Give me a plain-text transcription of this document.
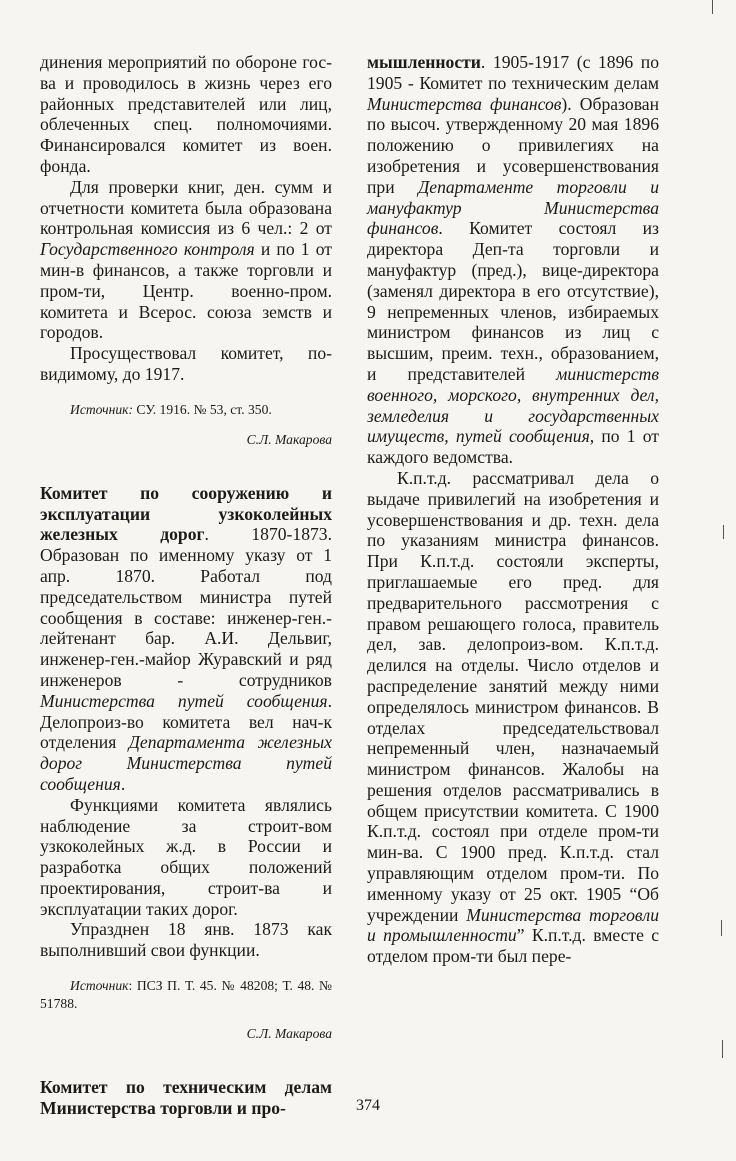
динения мероприятий по обороне гос-ва и проводилось в жизнь через его районных представителей или лиц, облеченных спец. полномочиями. Финансировался комитет из воен. фонда.

Для проверки книг, ден. сумм и отчетности комитета была образована контрольная комиссия из 6 чел.: 2 от Государственного контроля и по 1 от мин-в финансов, а также торговли и пром-ти, Центр. военно-пром. комитета и Всерос. союза земств и городов.

Просуществовал комитет, по-видимому, до 1917.

Источник: СУ. 1916. № 53, ст. 350.

С.Л. Макарова

Комитет по сооружению и эксплуатации узкоколейных железных дорог. 1870-1873. Образован по именному указу от 1 апр. 1870. Работал под председательством министра путей сообщения в составе: инженер-ген.-лейтенант бар. А.И. Дельвиг, инженер-ген.-майор Журавский и ряд инженеров - сотрудников Министерства путей сообщения. Делопроиз-во комитета вел нач-к отделения Департамента железных дорог Министерства путей сообщения.

Функциями комитета являлись наблюдение за строит-вом узкоколейных ж.д. в России и разработка общих положений проектирования, строит-ва и эксплуатации таких дорог.

Упразднен 18 янв. 1873 как выполнивший свои функции.

Источник: ПСЗ П. Т. 45. № 48208; Т. 48. № 51788.

С.Л. Макарова

Комитет по техническим делам Министерства торговли и про-

мышленности. 1905-1917 (с 1896 по 1905 - Комитет по техническим делам Министерства финансов). Образован по высоч. утвержденному 20 мая 1896 положению о привилегиях на изобретения и усовершенствования при Департаменте торговли и мануфактур Министерства финансов. Комитет состоял из директора Деп-та торговли и мануфактур (пред.), вице-директора (заменял директора в его отсутствие), 9 непременных членов, избираемых министром финансов из лиц с высшим, преим. техн., образованием, и представителей министерств военного, морского, внутренних дел, земледелия и государственных имуществ, путей сообщения, по 1 от каждого ведомства.

К.п.т.д. рассматривал дела о выдаче привилегий на изобретения и усовершенствования и др. техн. дела по указаниям министра финансов. При К.п.т.д. состояли эксперты, приглашаемые его пред. для предварительного рассмотрения с правом решающего голоса, правитель дел, зав. делопроиз-вом. К.п.т.д. делился на отделы. Число отделов и распределение занятий между ними определялось министром финансов. В отделах председательствовал непременный член, назначаемый министром финансов. Жалобы на решения отделов рассматривались в общем присутствии комитета. С 1900 К.п.т.д. состоял при отделе пром-ти мин-ва. С 1900 пред. К.п.т.д. стал управляющим отделом пром-ти. По именному указу от 25 окт. 1905 “Об учреждении Министерства торговли и промышленности” К.п.т.д. вместе с отделом пром-ти был пере-

374
